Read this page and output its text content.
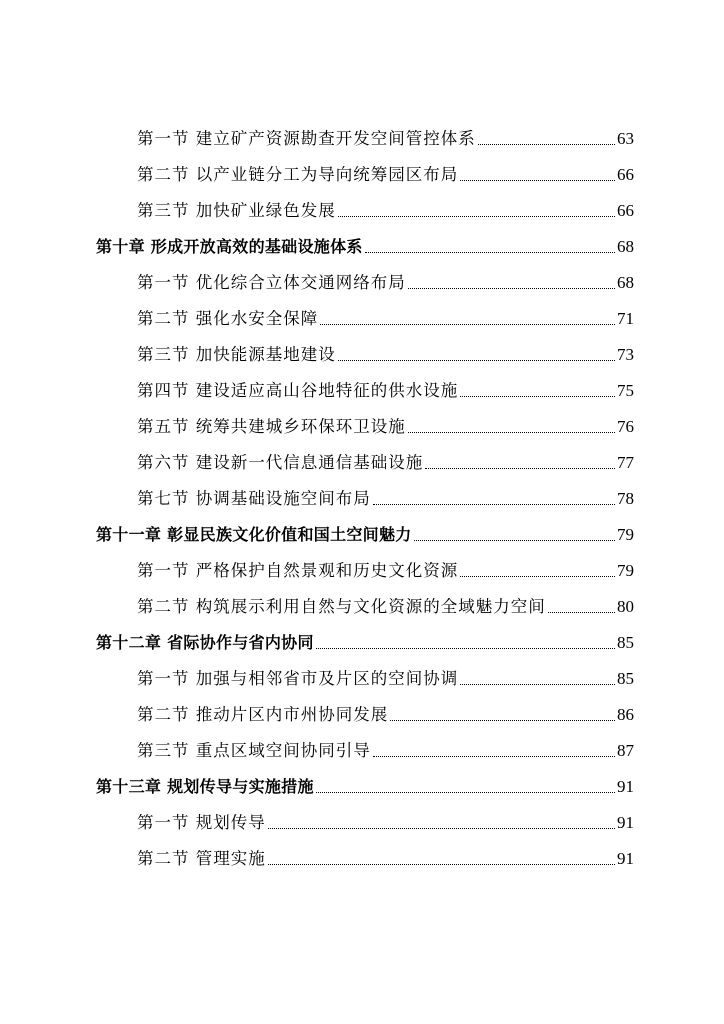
第一节 建立矿产资源勘查开发空间管控体系	63
第二节 以产业链分工为导向统筹园区布局	66
第三节 加快矿业绿色发展	66
第十章 形成开放高效的基础设施体系	68
第一节 优化综合立体交通网络布局	68
第二节 强化水安全保障	71
第三节 加快能源基地建设	73
第四节 建设适应高山谷地特征的供水设施	75
第五节 统筹共建城乡环保环卫设施	76
第六节 建设新一代信息通信基础设施	77
第七节 协调基础设施空间布局	78
第十一章 彰显民族文化价值和国土空间魅力	79
第一节 严格保护自然景观和历史文化资源	79
第二节 构筑展示利用自然与文化资源的全域魅力空间	80
第十二章 省际协作与省内协同	85
第一节 加强与相邻省市及片区的空间协调	85
第二节 推动片区内市州协同发展	86
第三节 重点区域空间协同引导	87
第十三章 规划传导与实施措施	91
第一节 规划传导	91
第二节 管理实施	91
